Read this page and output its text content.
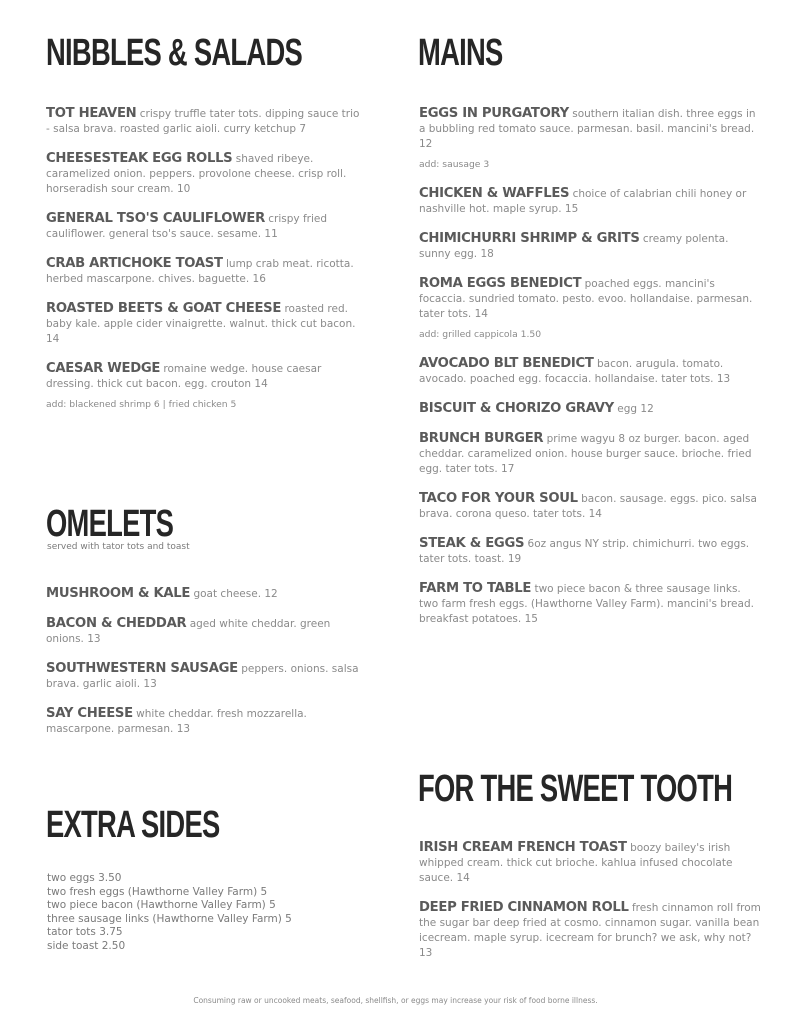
NIBBLES & SALADS
TOT HEAVEN crispy truffle tater tots. dipping sauce trio - salsa brava. roasted garlic aioli. curry ketchup 7
CHEESESTEAK EGG ROLLS shaved ribeye. caramelized onion. peppers. provolone cheese. crisp roll. horseradish sour cream. 10
GENERAL TSO'S CAULIFLOWER crispy fried cauliflower. general tso's sauce. sesame. 11
CRAB ARTICHOKE TOAST lump crab meat. ricotta. herbed mascarpone. chives. baguette. 16
ROASTED BEETS & GOAT CHEESE roasted red. baby kale. apple cider vinaigrette. walnut. thick cut bacon. 14
CAESAR WEDGE romaine wedge. house caesar dressing. thick cut bacon. egg. crouton 14
add: blackened shrimp 6 | fried chicken 5
OMELETS
served with tator tots and toast
MUSHROOM & KALE goat cheese. 12
BACON & CHEDDAR aged white cheddar. green onions. 13
SOUTHWESTERN SAUSAGE peppers. onions. salsa brava. garlic aioli. 13
SAY CHEESE white cheddar. fresh mozzarella. mascarpone. parmesan. 13
EXTRA SIDES
two eggs 3.50
two fresh eggs (Hawthorne Valley Farm) 5
two piece bacon (Hawthorne Valley Farm) 5
three sausage links (Hawthorne Valley Farm) 5
tator tots 3.75
side toast 2.50
MAINS
EGGS IN PURGATORY southern italian dish. three eggs in a bubbling red tomato sauce. parmesan. basil. mancini's bread. 12
add: sausage 3
CHICKEN & WAFFLES choice of calabrian chili honey or nashville hot. maple syrup. 15
CHIMICHURRI SHRIMP & GRITS creamy polenta. sunny egg. 18
ROMA EGGS BENEDICT poached eggs. mancini's focaccia. sundried tomato. pesto. evoo. hollandaise. parmesan. tater tots. 14
add: grilled cappicola 1.50
AVOCADO BLT BENEDICT bacon. arugula. tomato. avocado. poached egg. focaccia. hollandaise. tater tots. 13
BISCUIT & CHORIZO GRAVY egg 12
BRUNCH BURGER prime wagyu 8 oz burger. bacon. aged cheddar. caramelized onion. house burger sauce. brioche. fried egg. tater tots. 17
TACO FOR YOUR SOUL bacon. sausage. eggs. pico. salsa brava. corona queso. tater tots. 14
STEAK & EGGS 6oz angus NY strip. chimichurri. two eggs. tater tots. toast. 19
FARM TO TABLE two piece bacon & three sausage links. two farm fresh eggs. (Hawthorne Valley Farm). mancini's bread. breakfast potatoes. 15
FOR THE SWEET TOOTH
IRISH CREAM FRENCH TOAST boozy bailey's irish whipped cream. thick cut brioche. kahlua infused chocolate sauce. 14
DEEP FRIED CINNAMON ROLL fresh cinnamon roll from the sugar bar deep fried at cosmo. cinnamon sugar. vanilla bean icecream. maple syrup. icecream for brunch? we ask, why not? 13
Consuming raw or uncooked meats, seafood, shellfish, or eggs may increase your risk of food borne illness.
